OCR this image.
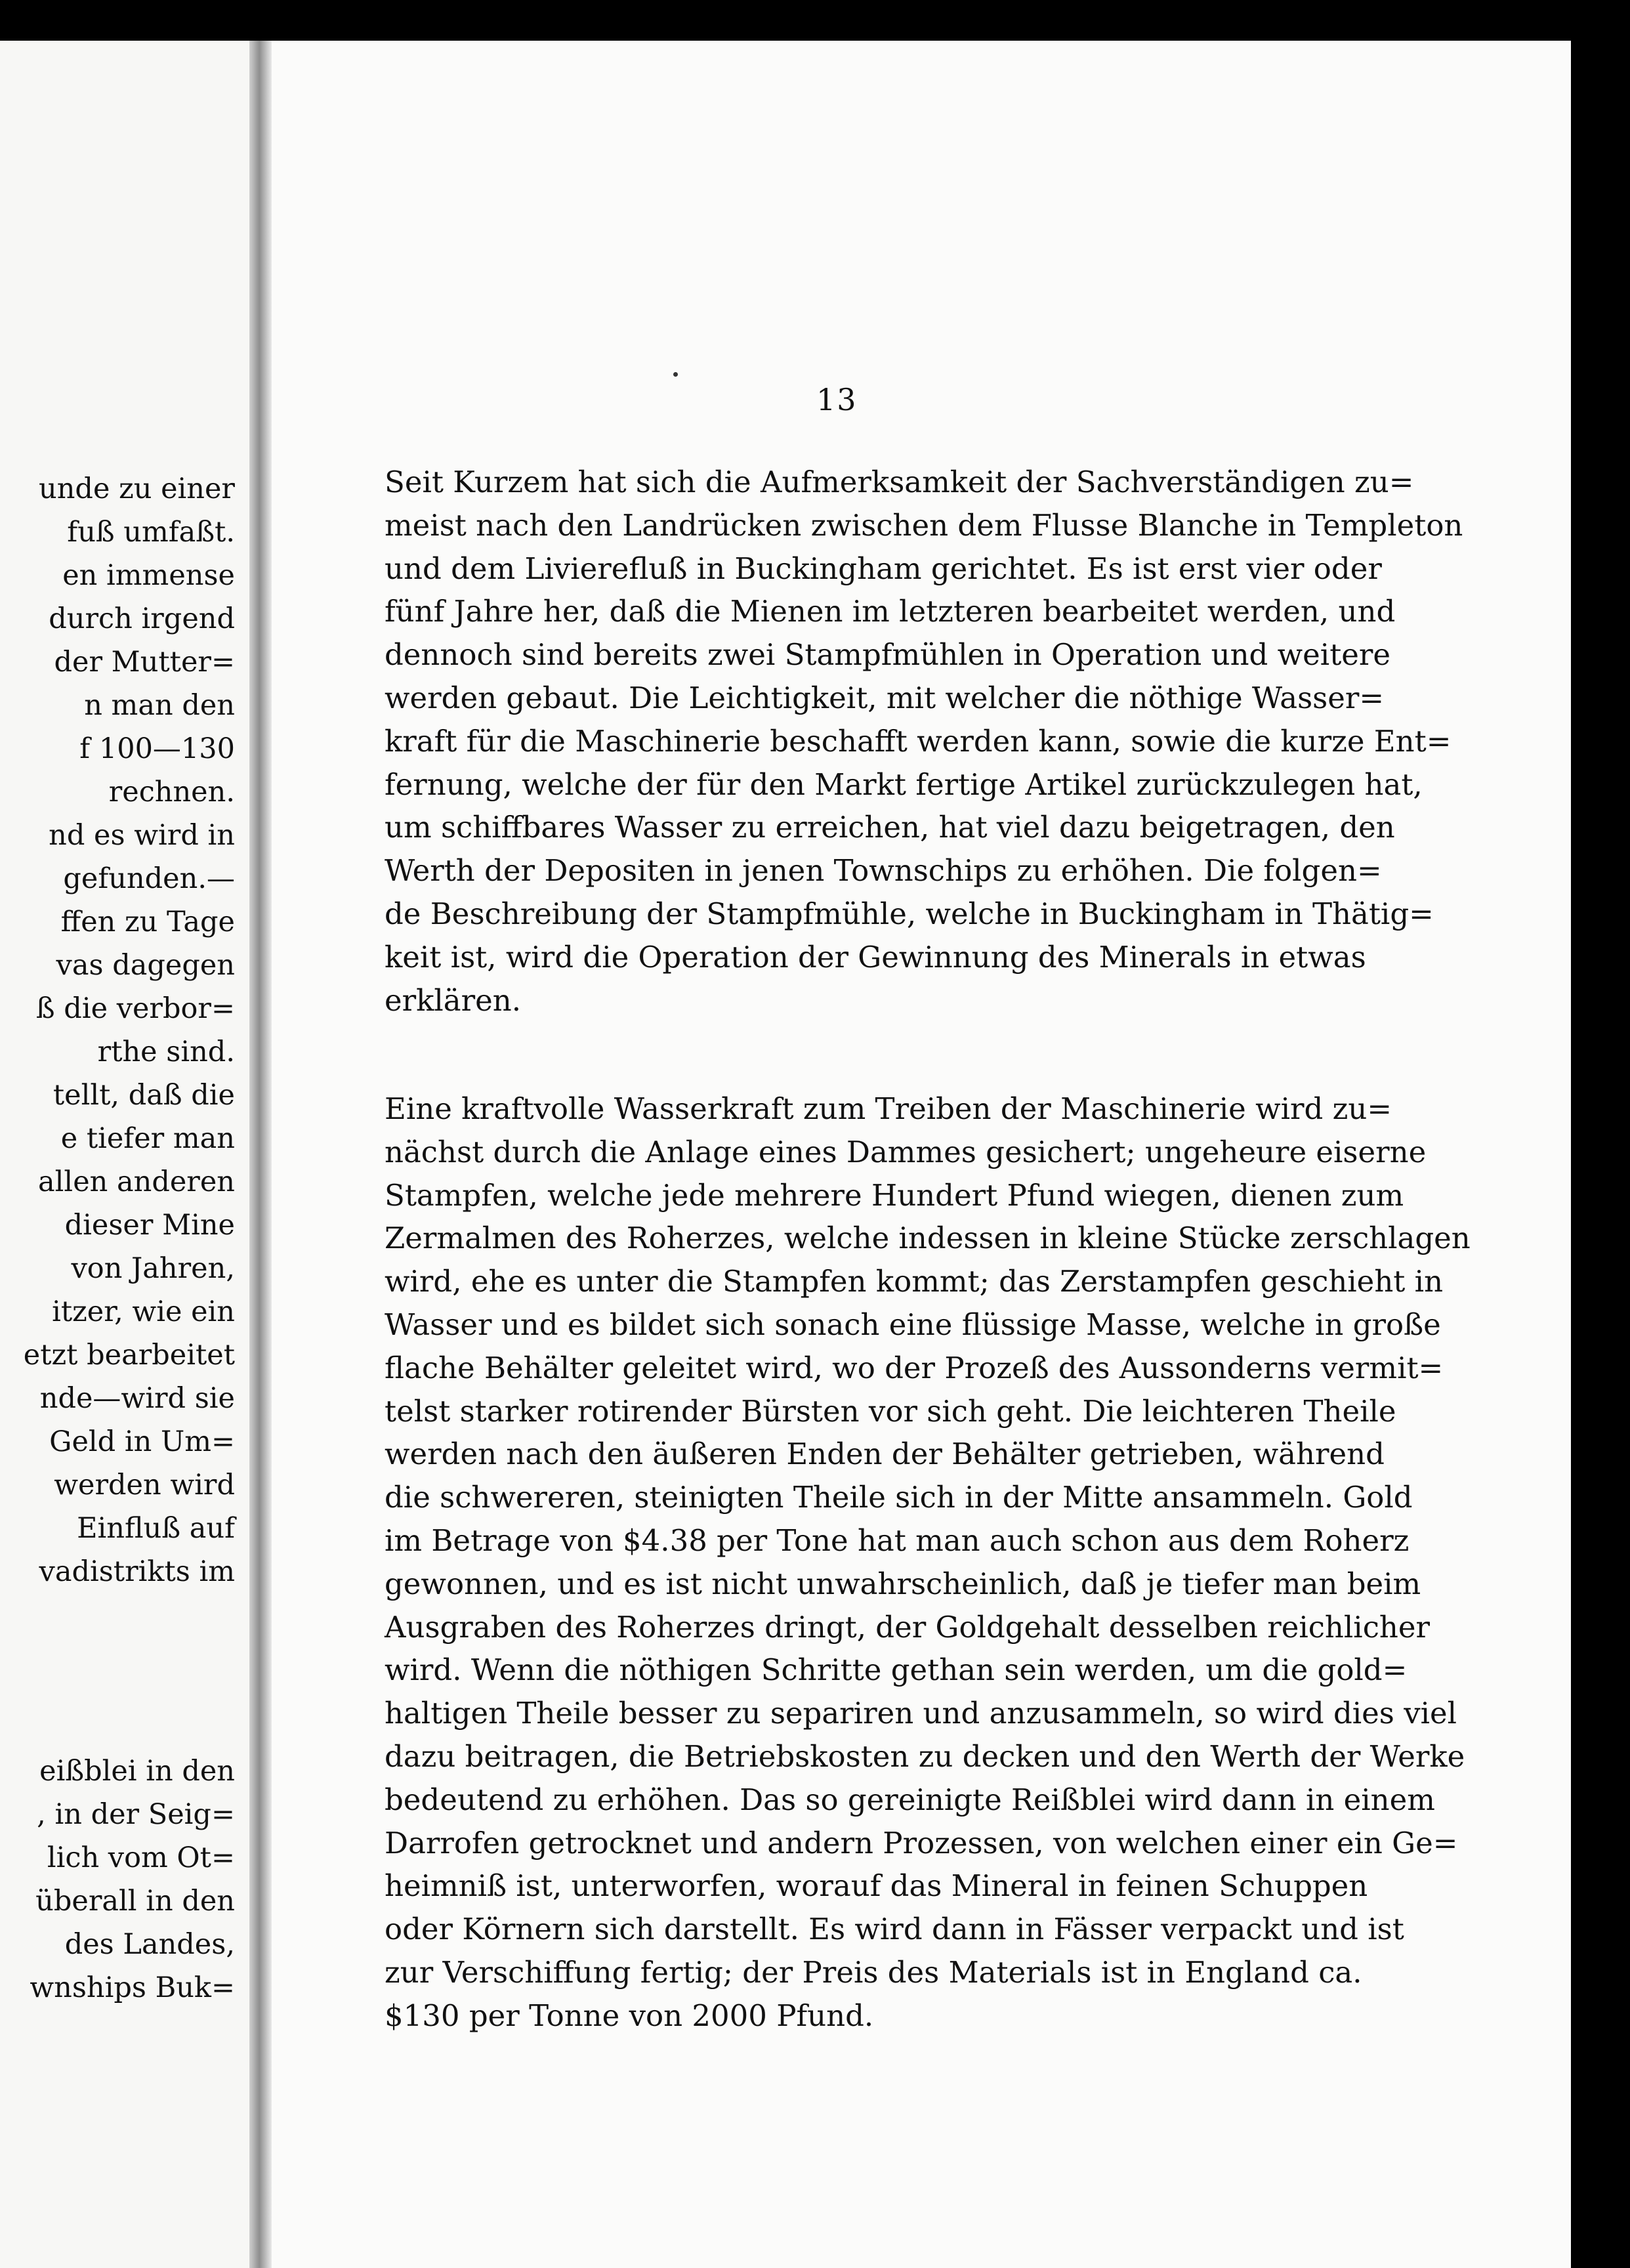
unde zu einer
fuß umfaßt.
en immense
durch irgend
der Mutter=
n man den
f 100—130
rechnen.
nd es wird in
gefunden.—
ffen zu Tage
vas dagegen
ß die verbor=
rthe sind.
tellt, daß die
e tiefer man
allen anderen
dieser Mine
von Jahren,
itzer, wie ein
etzt bearbeitet
nde—wird sie
Geld in Um=
werden wird
Einfluß auf
vadistrikts im
eißblei in den
, in der Seig=
lich vom Ot=
überall in den
des Landes,
wnships Buk=
13
Seit Kurzem hat sich die Aufmerksamkeit der Sachverständigen zu=
meist nach den Landrücken zwischen dem Flusse Blanche in Templeton
und dem Livierefluß in Buckingham gerichtet. Es ist erst vier oder
fünf Jahre her, daß die Mienen im letzteren bearbeitet werden, und
dennoch sind bereits zwei Stampfmühlen in Operation und weitere
werden gebaut. Die Leichtigkeit, mit welcher die nöthige Wasser=
kraft für die Maschinerie beschafft werden kann, sowie die kurze Ent=
fernung, welche der für den Markt fertige Artikel zurückzulegen hat,
um schiffbares Wasser zu erreichen, hat viel dazu beigetragen, den
Werth der Depositen in jenen Townschips zu erhöhen. Die folgen=
de Beschreibung der Stampfmühle, welche in Buckingham in Thätig=
keit ist, wird die Operation der Gewinnung des Minerals in etwas
erklären.
Eine kraftvolle Wasserkraft zum Treiben der Maschinerie wird zu=
nächst durch die Anlage eines Dammes gesichert; ungeheure eiserne
Stampfen, welche jede mehrere Hundert Pfund wiegen, dienen zum
Zermalmen des Roherzes, welche indessen in kleine Stücke zerschlagen
wird, ehe es unter die Stampfen kommt; das Zerstampfen geschieht in
Wasser und es bildet sich sonach eine flüssige Masse, welche in große
flache Behälter geleitet wird, wo der Prozeß des Aussonderns vermit=
telst starker rotirender Bürsten vor sich geht. Die leichteren Theile
werden nach den äußeren Enden der Behälter getrieben, während
die schwereren, steinigten Theile sich in der Mitte ansammeln. Gold
im Betrage von $4.38 per Tone hat man auch schon aus dem Roherz
gewonnen, und es ist nicht unwahrscheinlich, daß je tiefer man beim
Ausgraben des Roherzes dringt, der Goldgehalt desselben reichlicher
wird. Wenn die nöthigen Schritte gethan sein werden, um die gold=
haltigen Theile besser zu separiren und anzusammeln, so wird dies viel
dazu beitragen, die Betriebskosten zu decken und den Werth der Werke
bedeutend zu erhöhen. Das so gereinigte Reißblei wird dann in einem
Darrofen getrocknet und andern Prozessen, von welchen einer ein Ge=
heimniß ist, unterworfen, worauf das Mineral in feinen Schuppen
oder Körnern sich darstellt. Es wird dann in Fässer verpackt und ist
zur Verschiffung fertig; der Preis des Materials ist in England ca.
$130 per Tonne von 2000 Pfund.
